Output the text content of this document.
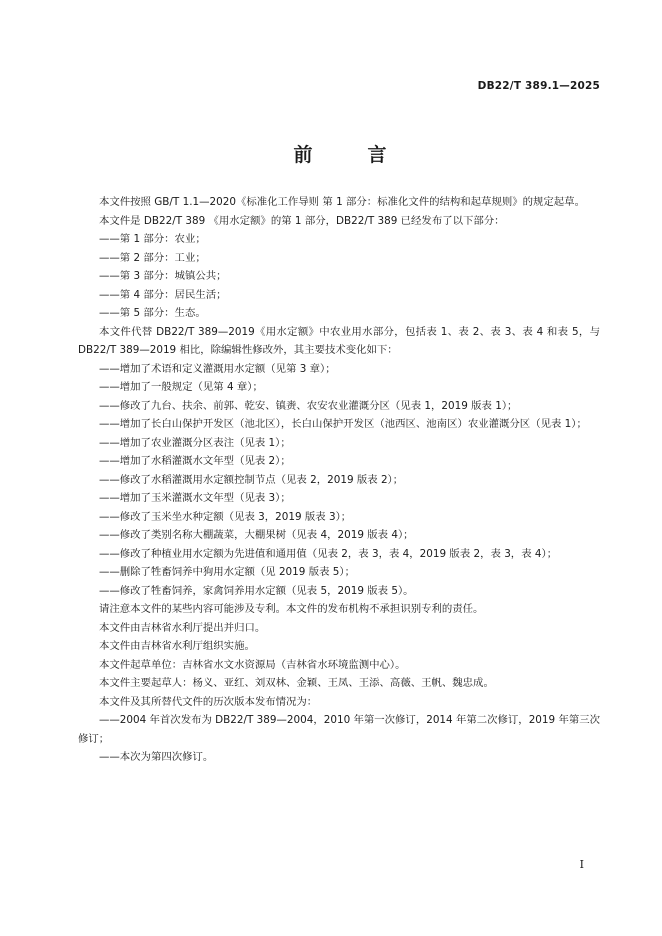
DB22/T 389.1—2025
前　言

本文件按照 GB/T 1.1—2020《标准化工作导则 第 1 部分：标准化文件的结构和起草规则》的规定起草。

本文件是 DB22/T 389 《用水定额》的第 1 部分，DB22/T 389 已经发布了以下部分：

——第 1 部分：农业；

——第 2 部分：工业；

——第 3 部分：城镇公共；

——第 4 部分：居民生活；

——第 5 部分：生态。

本文件代替 DB22/T 389—2019《用水定额》中农业用水部分，包括表 1、表 2、表 3、表 4 和表 5，与 DB22/T 389—2019 相比，除编辑性修改外，其主要技术变化如下：

——增加了术语和定义灌溉用水定额（见第 3 章）；

——增加了一般规定（见第 4 章）；

——修改了九台、扶余、前郭、乾安、镇赉、农安农业灌溉分区（见表 1，2019 版表 1）；

——增加了长白山保护开发区（池北区），长白山保护开发区（池西区、池南区）农业灌溉分区（见表 1）；

——增加了农业灌溉分区表注（见表 1）；

——增加了水稻灌溉水文年型（见表 2）；

——修改了水稻灌溉用水定额控制节点（见表 2，2019 版表 2）；

——增加了玉米灌溉水文年型（见表 3）；

——修改了玉米坐水种定额（见表 3，2019 版表 3）；

——修改了类别名称大棚蔬菜，大棚果树（见表 4，2019 版表 4）；

——修改了种植业用水定额为先进值和通用值（见表 2，表 3，表 4，2019 版表 2，表 3，表 4）；

——删除了牲畜饲养中狗用水定额（见 2019 版表 5）；

——修改了牲畜饲养，家禽饲养用水定额（见表 5，2019 版表 5）。

请注意本文件的某些内容可能涉及专利。本文件的发布机构不承担识别专利的责任。

本文件由吉林省水利厅提出并归口。

本文件由吉林省水利厅组织实施。

本文件起草单位：吉林省水文水资源局（吉林省水环境监测中心）。

本文件主要起草人：杨义、亚红、刘双林、金颖、王凤、王添、高薇、王帆、魏忠成。

本文件及其所替代文件的历次版本发布情况为：

——2004 年首次发布为 DB22/T 389—2004，2010 年第一次修订，2014 年第二次修订，2019 年第三次修订；

——本次为第四次修订。

I
